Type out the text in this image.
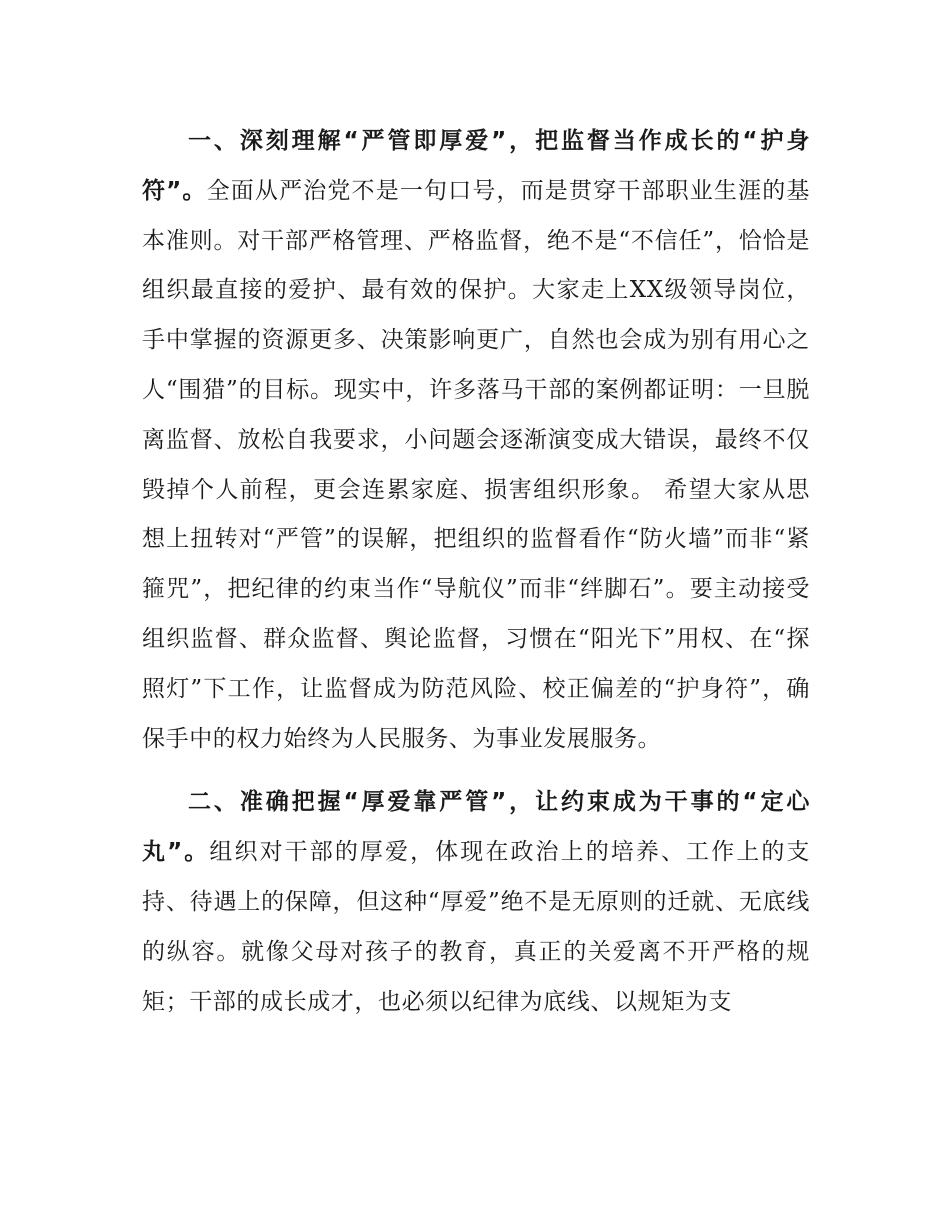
一、深刻理解“严管即厚爱”，把监督当作成长的“护身符”。全面从严治党不是一句口号，而是贯穿干部职业生涯的基本准则。对干部严格管理、严格监督，绝不是“不信任”，恰恰是组织最直接的爱护、最有效的保护。大家走上XX级领导岗位，手中掌握的资源更多、决策影响更广，自然也会成为别有用心之人“围猎”的目标。现实中，许多落马干部的案例都证明：一旦脱离监督、放松自我要求，小问题会逐渐演变成大错误，最终不仅毁掉个人前程，更会连累家庭、损害组织形象。 希望大家从思想上扭转对“严管”的误解，把组织的监督看作“防火墙”而非“紧箍咒”，把纪律的约束当作“导航仪”而非“绊脚石”。要主动接受组织监督、群众监督、舆论监督，习惯在“阳光下”用权、在“探照灯”下工作，让监督成为防范风险、校正偏差的“护身符”，确保手中的权力始终为人民服务、为事业发展服务。

二、准确把握“厚爱靠严管”，让约束成为干事的“定心丸”。组织对干部的厚爱，体现在政治上的培养、工作上的支持、待遇上的保障，但这种“厚爱”绝不是无原则的迁就、无底线的纵容。就像父母对孩子的教育，真正的关爱离不开严格的规矩；干部的成长成才，也必须以纪律为底线、以规矩为支
